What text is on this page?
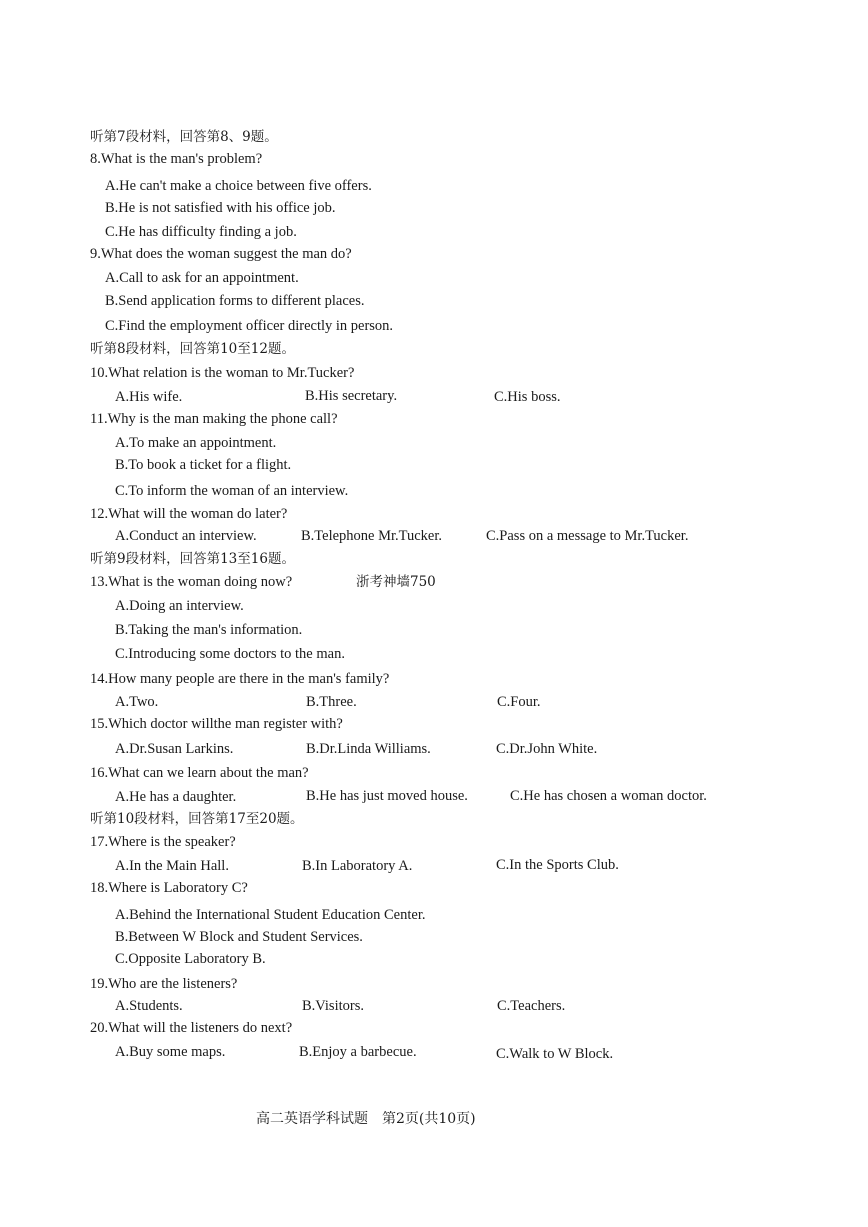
听第7段材料，回答第8、9题。
8.What is the man's problem?
A.He can't make a choice between five offers.
B.He is not satisfied with his office job.
C.He has difficulty finding a job.
9.What does the woman suggest the man do?
A.Call to ask for an appointment.
B.Send application forms to different places.
C.Find the employment officer directly in person.
听第8段材料，回答第10至12题。
10.What relation is the woman to Mr.Tucker?
A.His wife.	B.His secretary.	C.His boss.
11.Why is the man making the phone call?
A.To make an appointment.
B.To book a ticket for a flight.
C.To inform the woman of an interview.
12.What will the woman do later?
A.Conduct an interview.	B.Telephone Mr.Tucker.	C.Pass on a message to Mr.Tucker.
听第9段材料，回答第13至16题。
13.What is the woman doing now?	浙考神墙750
A.Doing an interview.
B.Taking the man's information.
C.Introducing some doctors to the man.
14.How many people are there in the man's family?
A.Two.	B.Three.	C.Four.
15.Which doctor willthe man register with?
A.Dr.Susan Larkins.	B.Dr.Linda Williams.	C.Dr.John White.
16.What can we learn about the man?
A.He has a daughter.	B.He has just moved house.	C.He has chosen a woman doctor.
听第10段材料，回答第17至20题。
17.Where is the speaker?
A.In the Main Hall.	B.In Laboratory A.	C.In the Sports Club.
18.Where is Laboratory C?
A.Behind the International Student Education Center.
B.Between W Block and Student Services.
C.Opposite Laboratory B.
19.Who are the listeners?
A.Students.	B.Visitors.	C.Teachers.
20.What will the listeners do next?
A.Buy some maps.	B.Enjoy a barbecue.	C.Walk to W Block.
高二英语学科试题　第2页(共10页)
